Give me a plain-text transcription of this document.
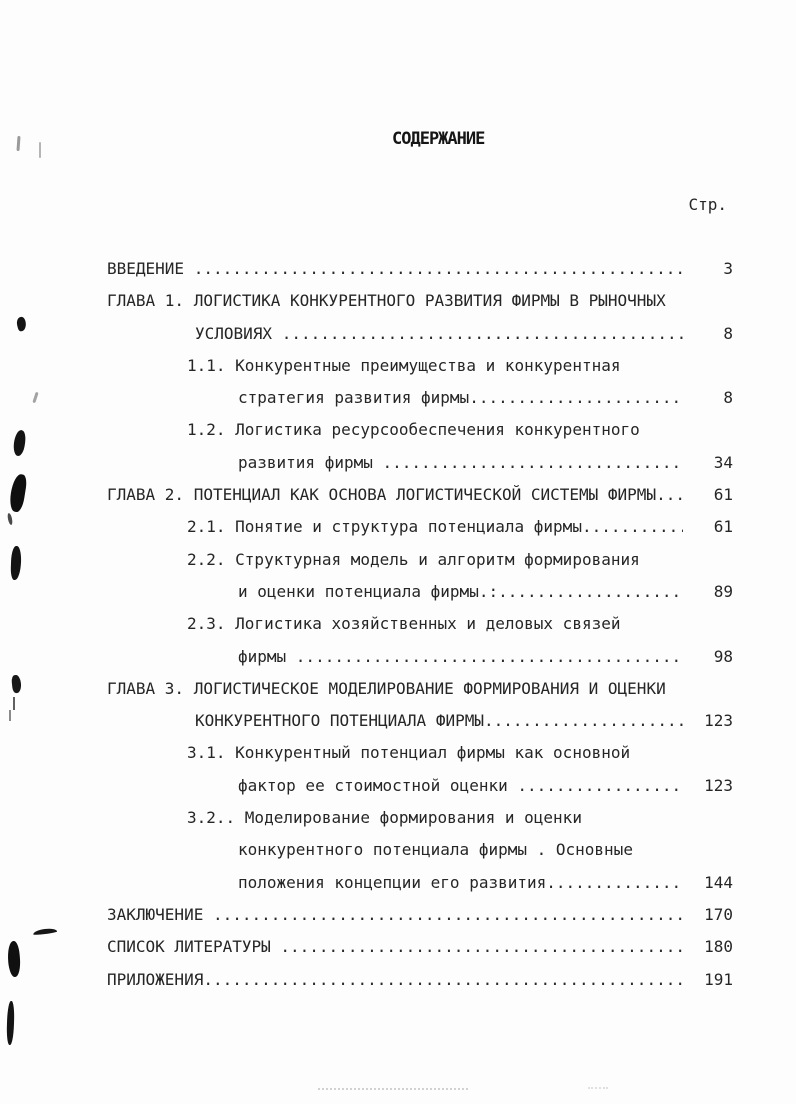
СОДЕРЖАНИЕ
Стр.
ВВЕДЕНИЕ .....	3
ГЛАВА 1. ЛОГИСТИКА КОНКУРЕНТНОГО РАЗВИТИЯ ФИРМЫ В РЫНОЧНЫХ
УСЛОВИЯХ .....	8
1.1. Конкурентные преимущества и конкурентная
стратегия развития фирмы. .....	8
1.2. Логистика ресурсообеспечения конкурентного
развития фирмы .....	34
ГЛАВА 2. ПОТЕНЦИАЛ КАК ОСНОВА ЛОГИСТИЧЕСКОЙ СИСТЕМЫ ФИРМЫ. .....	61
2.1. Понятие и структура потенциала фирмы. .....	61
2.2. Структурная модель и алгоритм формирования
и оценки потенциала фирмы.: .....	89
2.3. Логистика хозяйственных и деловых связей
фирмы .....	98
ГЛАВА 3. ЛОГИСТИЧЕСКОЕ МОДЕЛИРОВАНИЕ ФОРМИРОВАНИЯ И ОЦЕНКИ
КОНКУРЕНТНОГО ПОТЕНЦИАЛА ФИРМЫ .....	123
3.1. Конкурентный потенциал фирмы как основной
фактор ее стоимостной оценки .....	123
3.2.. Моделирование формирования и оценки
конкурентного потенциала фирмы . Основные
положения концепции его развития. .....	144
ЗАКЛЮЧЕНИЕ .....	170
СПИСОК ЛИТЕРАТУРЫ .....	180
ПРИЛОЖЕНИЯ .....	191
